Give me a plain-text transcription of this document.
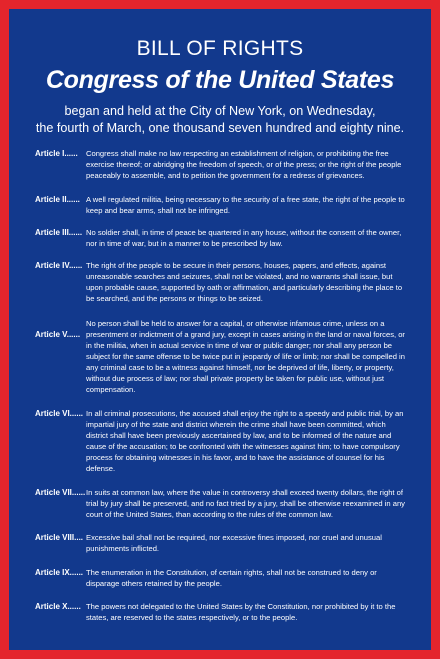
BILL OF RIGHTS
Congress of the United States
began and held at the City of New York, on Wednesday,
the fourth of March, one thousand seven hundred and eighty nine.
Article I......	Congress shall make no law respecting an establishment of religion, or prohibiting the free exercise thereof; or abridging the freedom of speech, or of the press; or the right of the people peaceably to assemble, and to petition the government for a redress of grievances.
Article II...... A well regulated militia, being necessary to the security of a free state, the right of the people to keep and bear arms, shall not be infringed.
Article III...... No soldier shall, in time of peace be quartered in any house, without the consent of the owner, nor in time of war, but in a manner to be prescribed by law.
Article IV...... The right of the people to be secure in their persons, houses, papers, and effects, against unreasonable searches and seizures, shall not be violated, and no warrants shall issue, but upon probable cause, supported by oath or affirmation, and particularly describing the place to be searched, and the persons or things to be seized.
Article V......
No person shall be held to answer for a capital, or otherwise infamous crime, unless on a presentment or indictment of a grand jury, except in cases arising in the land or naval forces, or in the militia, when in actual service in time of war or public danger; nor shall any person be subject for the same offense to be twice put in jeopardy of life or limb; nor shall be compelled in any criminal case to be a witness against himself, nor be deprived of life, liberty, or property, without due process of law; nor shall private property be taken for public use, without just compensation.
Article VI...... In all criminal prosecutions, the accused shall enjoy the right to a speedy and public trial, by an impartial jury of the state and district wherein the crime shall have been committed, which district shall have been previously ascertained by law, and to be informed of the nature and cause of the accusation; to be confronted with the witnesses against him; to have compulsory process for obtaining witnesses in his favor, and to have the assistance of counsel for his defense.
Article VII...... In suits at common law, where the value in controversy shall exceed twenty dollars, the right of trial by jury shall be preserved, and no fact tried by a jury, shall be otherwise reexamined in any court of the United States, than according to the rules of the common law.
Article VIII.... Excessive bail shall not be required, nor excessive fines imposed, nor cruel and unusual punishments inflicted.
Article IX...... The enumeration in the Constitution, of certain rights, shall not be construed to deny or disparage others retained by the people.
Article X...... The powers not delegated to the United States by the Constitution, nor prohibited by it to the states, are reserved to the states respectively, or to the people.
